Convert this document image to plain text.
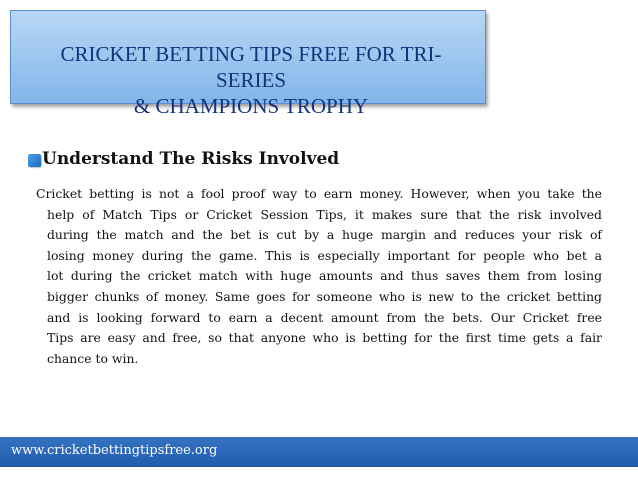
CRICKET BETTING TIPS FREE FOR TRI-SERIES
& CHAMPIONS TROPHY
Understand The Risks Involved
Cricket betting is not a fool proof way to earn money. However, when you take the
help of Match Tips or Cricket Session Tips, it makes sure that the risk involved
during the match and the bet is cut by a huge margin and reduces your risk of
losing money during the game. This is especially important for people who bet a
lot during the cricket match with huge amounts and thus saves them from losing
bigger chunks of money. Same goes for someone who is new to the cricket betting
and is looking forward to earn a decent amount from the bets. Our Cricket free
Tips are easy and free, so that anyone who is betting for the first time gets a fair
chance to win.
www.cricketbettingtipsfree.org
